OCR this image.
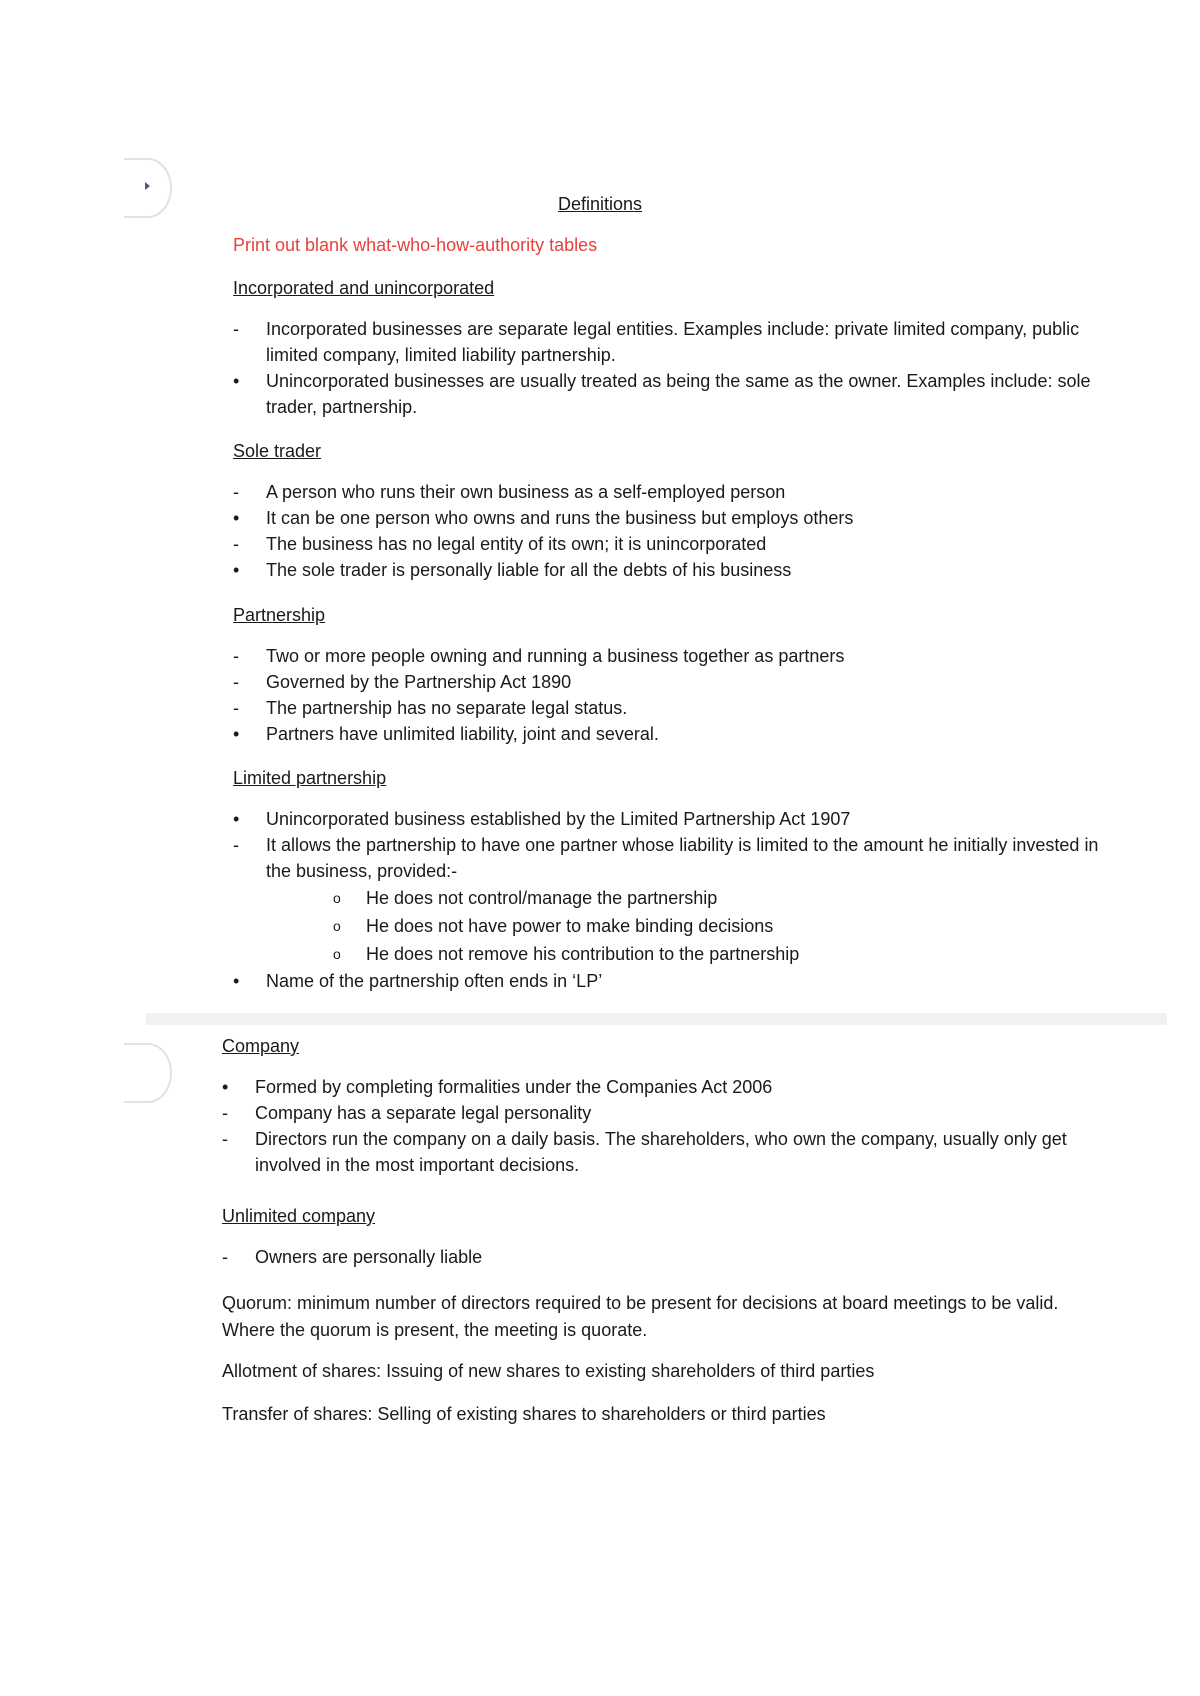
Definitions

Print out blank what-who-how-authority tables

Incorporated and unincorporated
-	Incorporated businesses are separate legal entities. Examples include: private limited company, public limited company, limited liability partnership.
•	Unincorporated businesses are usually treated as being the same as the owner. Examples include: sole trader, partnership.
Sole trader
-	A person who runs their own business as a self-employed person
•	It can be one person who owns and runs the business but employs others
-	The business has no legal entity of its own; it is unincorporated
•	The sole trader is personally liable for all the debts of his business
Partnership
-	Two or more people owning and running a business together as partners
-	Governed by the Partnership Act 1890
-	The partnership has no separate legal status.
•	Partners have unlimited liability, joint and several.
Limited partnership
•	Unincorporated business established by the Limited Partnership Act 1907
-	It allows the partnership to have one partner whose liability is limited to the amount he initially invested in the business, provided:-
o He does not control/manage the partnership
o He does not have power to make binding decisions
o He does not remove his contribution to the partnership
•	Name of the partnership often ends in ‘LP’
Company
•	Formed by completing formalities under the Companies Act 2006
-	Company has a separate legal personality
-	Directors run the company on a daily basis. The shareholders, who own the company, usually only get involved in the most important decisions.
Unlimited company
-	Owners are personally liable

Quorum: minimum number of directors required to be present for decisions at board meetings to be valid. Where the quorum is present, the meeting is quorate.

Allotment of shares: Issuing of new shares to existing shareholders of third parties

Transfer of shares: Selling of existing shares to shareholders or third parties
